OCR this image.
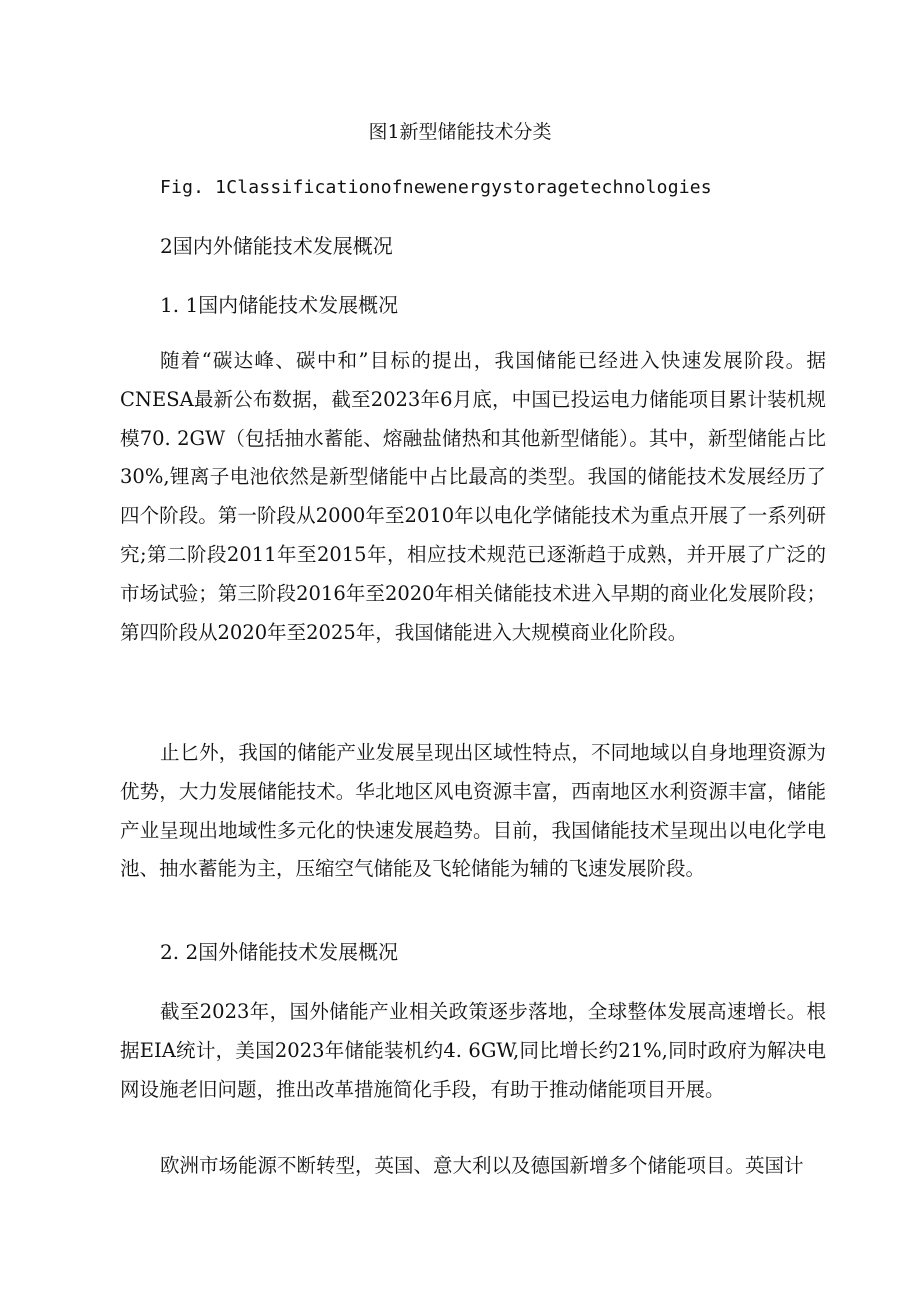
图1新型储能技术分类
Fig. 1Classificationofnewenergystoragetechnologies
2国内外储能技术发展概况
1. 1国内储能技术发展概况
随着“碳达峰、碳中和”目标的提出，我国储能已经进入快速发展阶段。据CNESA最新公布数据，截至2023年6月底，中国已投运电力储能项目累计装机规模70. 2GW（包括抽水蓄能、熔融盐储热和其他新型储能）。其中，新型储能占比30%,锂离子电池依然是新型储能中占比最高的类型。我国的储能技术发展经历了四个阶段。第一阶段从2000年至2010年以电化学储能技术为重点开展了一系列研究;第二阶段2011年至2015年，相应技术规范已逐渐趋于成熟，并开展了广泛的市场试验；第三阶段2016年至2020年相关储能技术进入早期的商业化发展阶段；第四阶段从2020年至2025年，我国储能进入大规模商业化阶段。
止匕外，我国的储能产业发展呈现出区域性特点，不同地域以自身地理资源为优势，大力发展储能技术。华北地区风电资源丰富，西南地区水利资源丰富，储能产业呈现出地域性多元化的快速发展趋势。目前，我国储能技术呈现出以电化学电池、抽水蓄能为主，压缩空气储能及飞轮储能为辅的飞速发展阶段。
2. 2国外储能技术发展概况
截至2023年，国外储能产业相关政策逐步落地，全球整体发展高速增长。根据EIA统计，美国2023年储能装机约4. 6GW,同比增长约21%,同时政府为解决电网设施老旧问题，推出改革措施简化手段，有助于推动储能项目开展。
欧洲市场能源不断转型，英国、意大利以及德国新增多个储能项目。英国计
